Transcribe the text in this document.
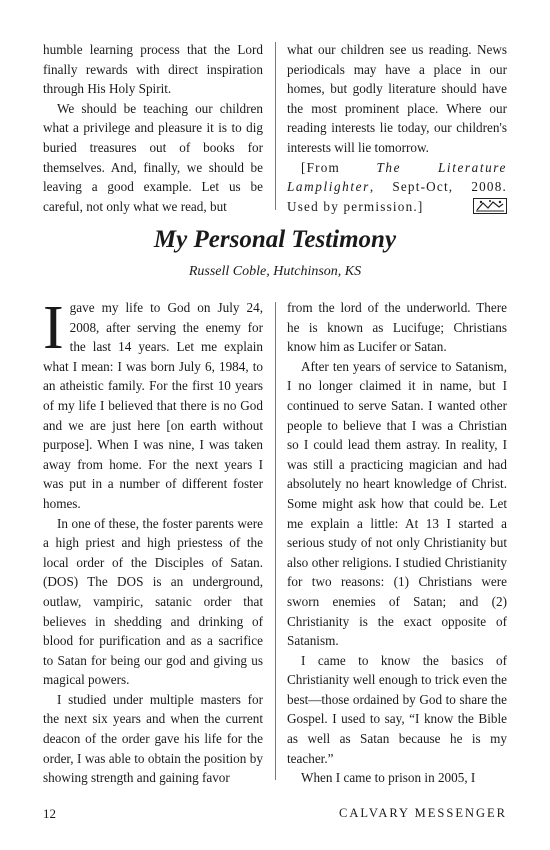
humble learning process that the Lord finally rewards with direct inspiration through His Holy Spirit.

We should be teaching our children what a privilege and pleasure it is to dig buried treasures out of books for themselves. And, finally, we should be leaving a good example. Let us be careful, not only what we read, but

what our children see us reading. News periodicals may have a place in our homes, but godly literature should have the most prominent place. Where our reading interests lie today, our children's interests will lie tomorrow.

[From The Literature Lamplighter, Sept-Oct, 2008. Used by permission.]

My Personal Testimony
Russell Coble, Hutchinson, KS

Igave my life to God on July 24, 2008, after serving the enemy for the last 14 years. Let me explain what I mean: I was born July 6, 1984, to an atheistic family. For the first 10 years of my life I believed that there is no God and we are just here [on earth without purpose]. When I was nine, I was taken away from home. For the next years I was put in a number of different foster homes.

In one of these, the foster parents were a high priest and high priestess of the local order of the Disciples of Satan. (DOS) The DOS is an underground, outlaw, vampiric, satanic order that believes in shedding and drinking of blood for purification and as a sacrifice to Satan for being our god and giving us magical powers.

I studied under multiple masters for the next six years and when the current deacon of the order gave his life for the order, I was able to obtain the position by showing strength and gaining favor

from the lord of the underworld. There he is known as Lucifuge; Christians know him as Lucifer or Satan.

After ten years of service to Satanism, I no longer claimed it in name, but I continued to serve Satan. I wanted other people to believe that I was a Christian so I could lead them astray. In reality, I was still a practicing magician and had absolutely no heart knowledge of Christ. Some might ask how that could be. Let me explain a little: At 13 I started a serious study of not only Christianity but also other religions. I studied Christianity for two reasons: (1) Christians were sworn enemies of Satan; and (2) Christianity is the exact opposite of Satanism.

I came to know the basics of Christianity well enough to trick even the best—those ordained by God to share the Gospel. I used to say, “I know the Bible as well as Satan because he is my teacher.”

When I came to prison in 2005, I

12	CALVARY MESSENGER
